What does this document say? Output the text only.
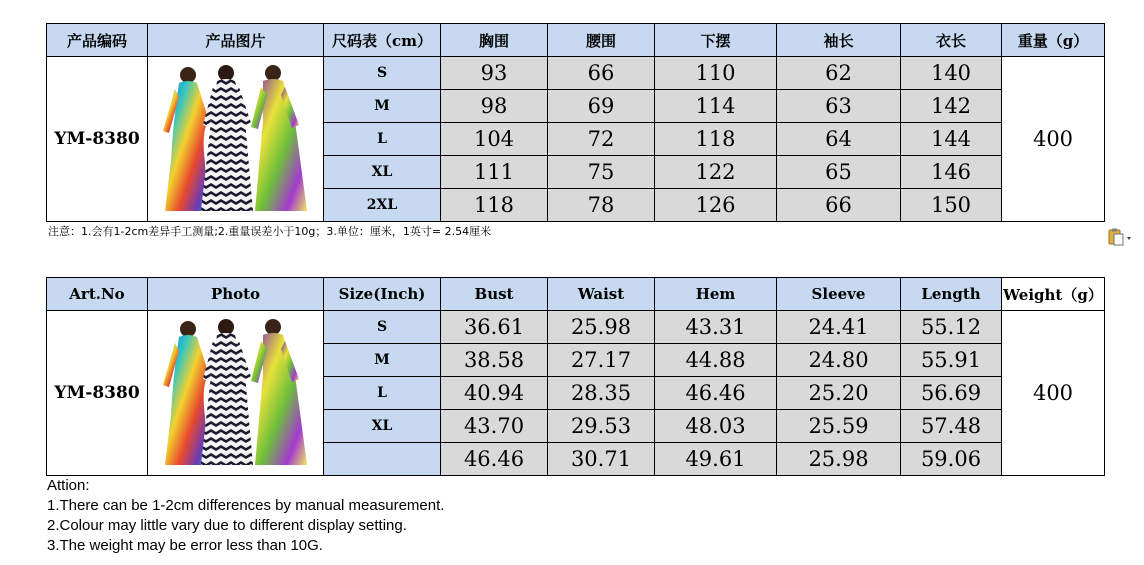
产品编码	产品图片	尺码表（cm）	胸围	腰围	下摆	袖长	衣长	重量（g）
YM-8380		S	93	66	110	62	140	400
		M	98	69	114	63	142	
		L	104	72	118	64	144	
		XL	111	75	122	65	146	
		2XL	118	78	126	66	150	
注意：1.会有1-2cm差异手工测量;2.重量误差小于10g；3.单位：厘米，1英寸= 2.54厘米
Art.No	Photo	Size(Inch)	Bust	Waist	Hem	Sleeve	Length	Weight（g）
YM-8380		S	36.61	25.98	43.31	24.41	55.12	400
		M	38.58	27.17	44.88	24.80	55.91	
		L	40.94	28.35	46.46	25.20	56.69	
		XL	43.70	29.53	48.03	25.59	57.48	
			46.46	30.71	49.61	25.98	59.06	
Attion:
1.There can be 1-2cm differences by manual measurement.
2.Colour may little vary due to different display setting.
3.The weight may be error less than 10G.
